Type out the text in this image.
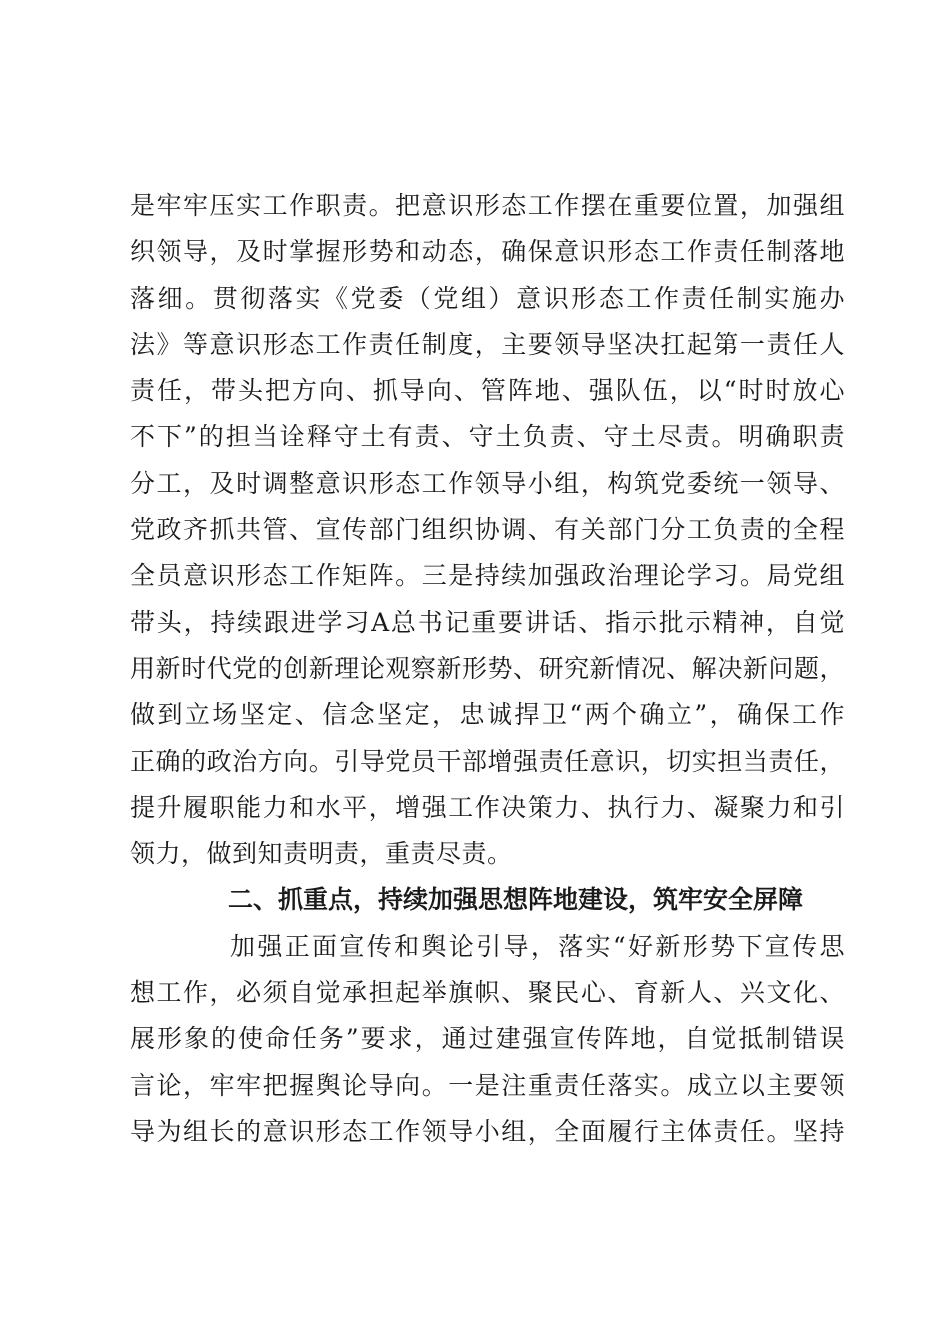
是牢牢压实工作职责。把意识形态工作摆在重要位置，加强组
织领导，及时掌握形势和动态，确保意识形态工作责任制落地
落细。贯彻落实《党委（党组）意识形态工作责任制实施办
法》等意识形态工作责任制度，主要领导坚决扛起第一责任人
责任，带头把方向、抓导向、管阵地、强队伍，以“时时放心
不下”的担当诠释守土有责、守土负责、守土尽责。明确职责
分工，及时调整意识形态工作领导小组，构筑党委统一领导、
党政齐抓共管、宣传部门组织协调、有关部门分工负责的全程
全员意识形态工作矩阵。三是持续加强政治理论学习。局党组
带头，持续跟进学习A总书记重要讲话、指示批示精神，自觉
用新时代党的创新理论观察新形势、研究新情况、解决新问题，
做到立场坚定、信念坚定，忠诚捍卫“两个确立”，确保工作
正确的政治方向。引导党员干部增强责任意识，切实担当责任，
提升履职能力和水平，增强工作决策力、执行力、凝聚力和引
领力，做到知责明责，重责尽责。
二、抓重点，持续加强思想阵地建设，筑牢安全屏障
加强正面宣传和舆论引导，落实“好新形势下宣传思
想工作，必须自觉承担起举旗帜、聚民心、育新人、兴文化、
展形象的使命任务”要求，通过建强宣传阵地，自觉抵制错误
言论，牢牢把握舆论导向。一是注重责任落实。成立以主要领
导为组长的意识形态工作领导小组，全面履行主体责任。坚持
